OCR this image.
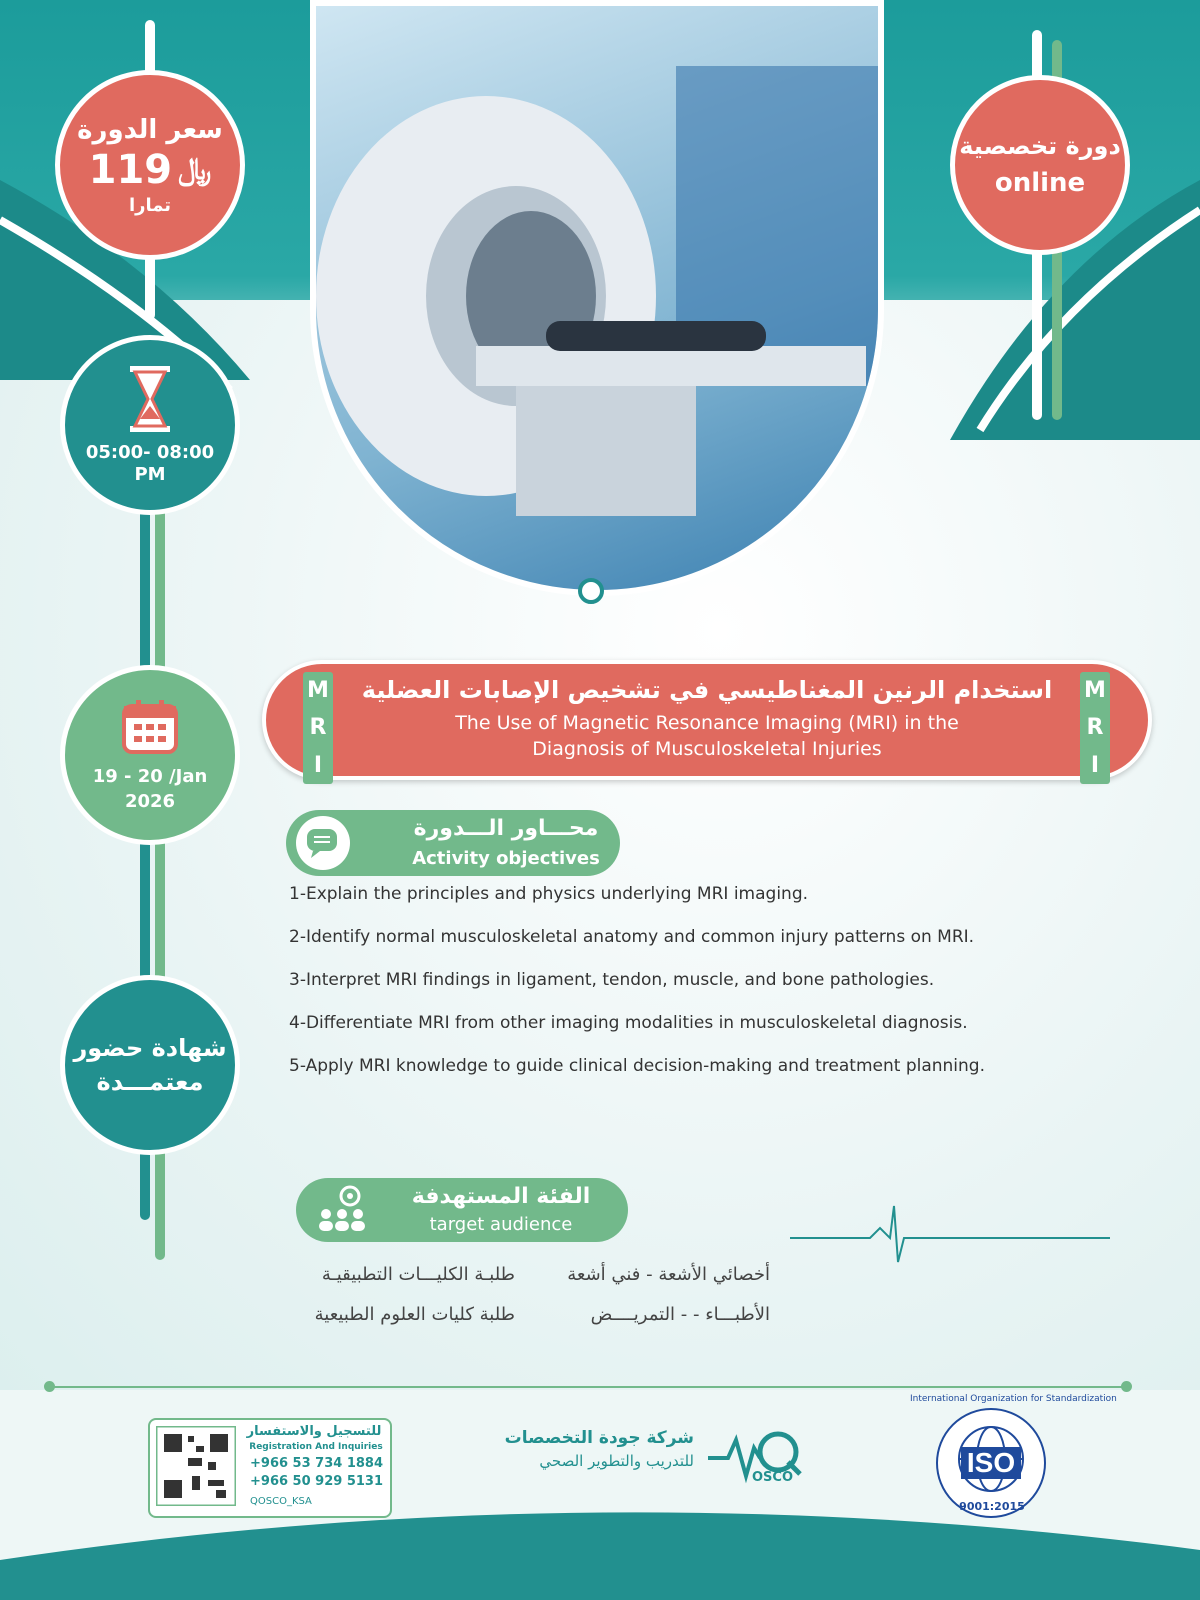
سعر الدورة
119 ﷼
تمارا
دورة تخصصية
online
05:00- 08:00
PM
19 - 20 /Jan
2026
شهادة حضور
معتمـــدة
استخدام الرنين المغناطيسي في تشخيص الإصابات العضلية
The Use of Magnetic Resonance Imaging (MRI) in the
Diagnosis of Musculoskeletal Injuries
M
R
I
M
R
I
محـــاور الـــدورة
Activity objectives
1-Explain the principles and physics underlying MRI imaging.
2-Identify normal musculoskeletal anatomy and common injury patterns on MRI.
3-Interpret MRI findings in ligament, tendon, muscle, and bone pathologies.
4-Differentiate MRI from other imaging modalities in musculoskeletal diagnosis.
5-Apply MRI knowledge to guide clinical decision-making and treatment planning.
الفئة المستهدفة
target audience
أخصائي الأشعة - فني أشعة
طلبـة الكليـــات التطبيقيـة
الأطبـــاء - - التمريــــض
طلبة كليات العلوم الطبيعية
للتسجيل والاستفسار
Registration And Inquiries
+966 53 734 1884
+966 50 929 5131
QOSCO_KSA
شركة جودة التخصصات
للتدريب والتطوير الصحي
OSCO
International Organization for Standardization
ISO
9001:2015
